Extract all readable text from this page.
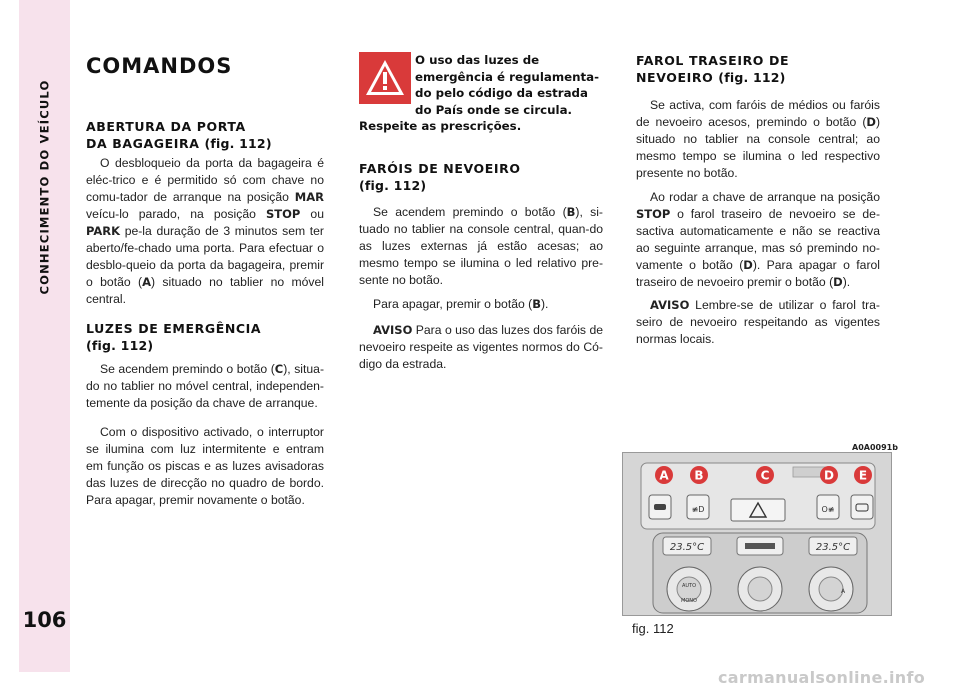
CONHECIMENTO DO VEÍCULO
106
COMANDOS
ABERTURA DA PORTA
DA BAGAGEIRA (fig. 112)
O desbloqueio da porta da bagageira é eléc-trico e é permitido só com chave no comu-tador de arranque na posição MAR veícu-lo parado, na posição STOP ou PARK pe-la duração de 3 minutos sem ter aberto/fe-chado uma porta. Para efectuar o desblo-queio da porta da bagageira, premir o botão (A) situado no tablier no móvel central.
LUZES DE EMERGÊNCIA
(fig. 112)
Se acendem premindo o botão (C), situa-do no tablier no móvel central, independen-temente da posição da chave de arranque.
Com o dispositivo activado, o interruptor se ilumina com luz intermitente e entram em função os piscas e as luzes avisadoras das luzes de direcção no quadro de bordo. Para apagar, premir novamente o botão.
O uso das luzes de emergência é regulamenta-do pelo código da estrada do País onde se circula. Respeite as prescrições.
FARÓIS DE NEVOEIRO
(fig. 112)
Se acendem premindo o botão (B), si-tuado no tablier na console central, quan-do as luzes externas já estão acesas; ao mesmo tempo se ilumina o led relativo pre-sente no botão.
Para apagar, premir o botão (B).
AVISO Para o uso das luzes dos faróis de nevoeiro respeite as vigentes normos do Có-digo da estrada.
FAROL TRASEIRO DE
NEVOEIRO (fig. 112)
Se activa, com faróis de médios ou faróis de nevoeiro acesos, premindo o botão (D) situado no tablier na console central; ao mesmo tempo se ilumina o led respectivo presente no botão.
Ao rodar a chave de arranque na posição STOP o farol traseiro de nevoeiro se de-sactiva automaticamente e não se reactiva ao seguinte arranque, mas só premindo no-vamente o botão (D). Para apagar o farol traseiro de nevoeiro premir o botão (D).
AVISO Lembre-se de utilizar o farol tra-seiro de nevoeiro respeitando as vigentes normas locais.
A0A0091b
≢D	O≢
A B	C	D E
23.5°C	23.5°C
AUTO
MONO
A
fig. 112
carmanualsonline.info
